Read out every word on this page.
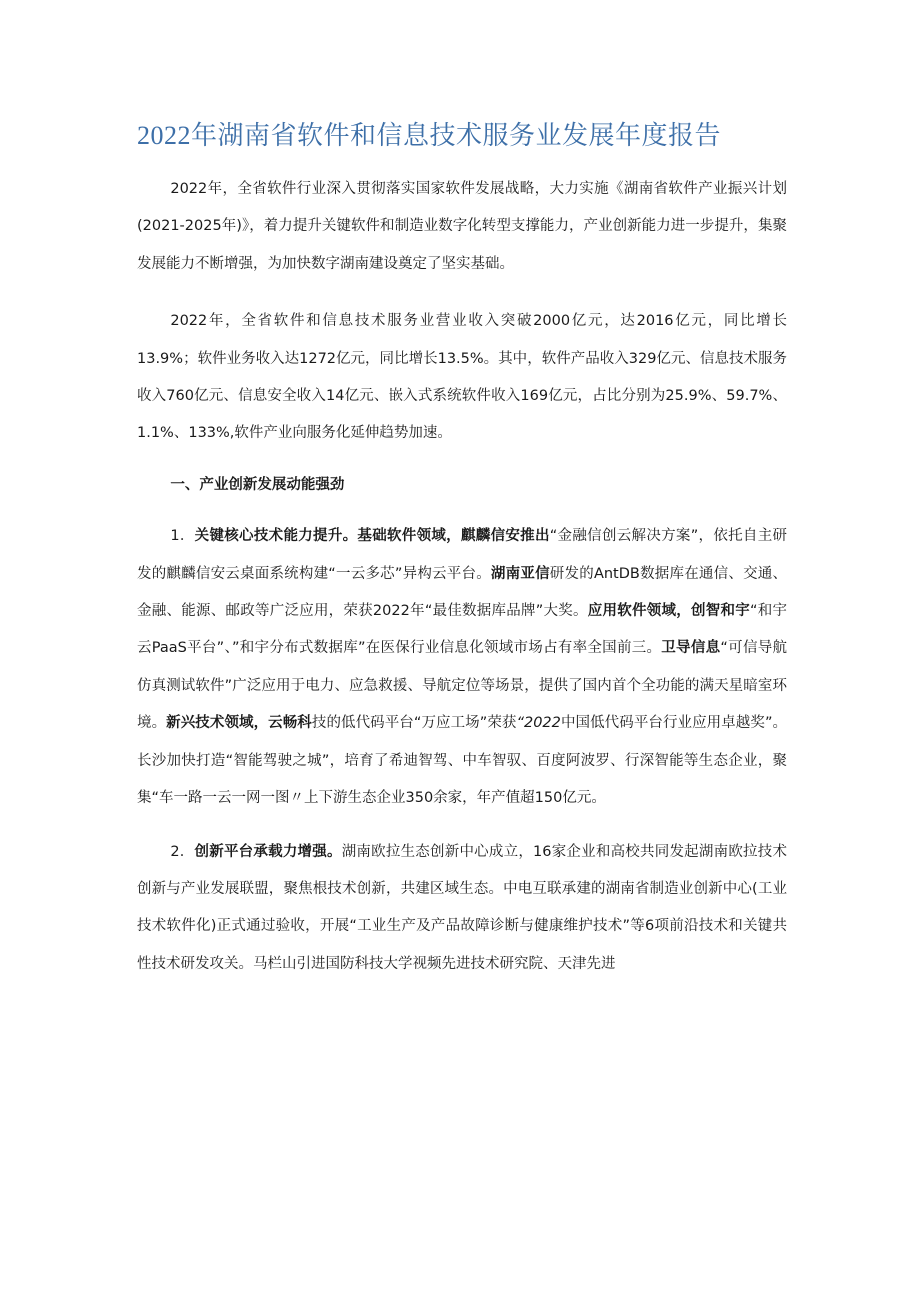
2022年湖南省软件和信息技术服务业发展年度报告

2022年，全省软件行业深入贯彻落实国家软件发展战略，大力实施《湖南省软件产业振兴计划(2021-2025年)》，着力提升关键软件和制造业数字化转型支撑能力，产业创新能力进一步提升，集聚发展能力不断增强，为加快数字湖南建设奠定了坚实基础。

2022年，全省软件和信息技术服务业营业收入突破2000亿元，达2016亿元，同比增长13.9%；软件业务收入达1272亿元，同比增长13.5%。其中，软件产品收入329亿元、信息技术服务收入760亿元、信息安全收入14亿元、嵌入式系统软件收入169亿元，占比分别为25.9%、59.7%、1.1%、133%,软件产业向服务化延伸趋势加速。

一、产业创新发展动能强劲

1．关键核心技术能力提升。基础软件领域，麒麟信安推出“金融信创云解决方案”，依托自主研发的麒麟信安云桌面系统构建“一云多芯”异构云平台。湖南亚信研发的AntDB数据库在通信、交通、金融、能源、邮政等广泛应用，荣获2022年“最佳数据库品牌”大奖。应用软件领域，创智和宇“和宇云PaaS平台”、”和宇分布式数据库”在医保行业信息化领域市场占有率全国前三。卫导信息“可信导航仿真测试软件”广泛应用于电力、应急救援、导航定位等场景，提供了国内首个全功能的满天星暗室环境。新兴技术领域，云畅科技的低代码平台“万应工场”荣获“2022中国低代码平台行业应用卓越奖”。长沙加快打造“智能驾驶之城”，培育了希迪智驾、中车智驭、百度阿波罗、行深智能等生态企业，聚集“车一路一云一网一图〃上下游生态企业350余家，年产值超150亿元。

2．创新平台承载力增强。湖南欧拉生态创新中心成立，16家企业和高校共同发起湖南欧拉技术创新与产业发展联盟，聚焦根技术创新，共建区域生态。中电互联承建的湖南省制造业创新中心(工业技术软件化)正式通过验收，开展“工业生产及产品故障诊断与健康维护技术”等6项前沿技术和关键共性技术研发攻关。马栏山引进国防科技大学视频先进技术研究院、天津先进
